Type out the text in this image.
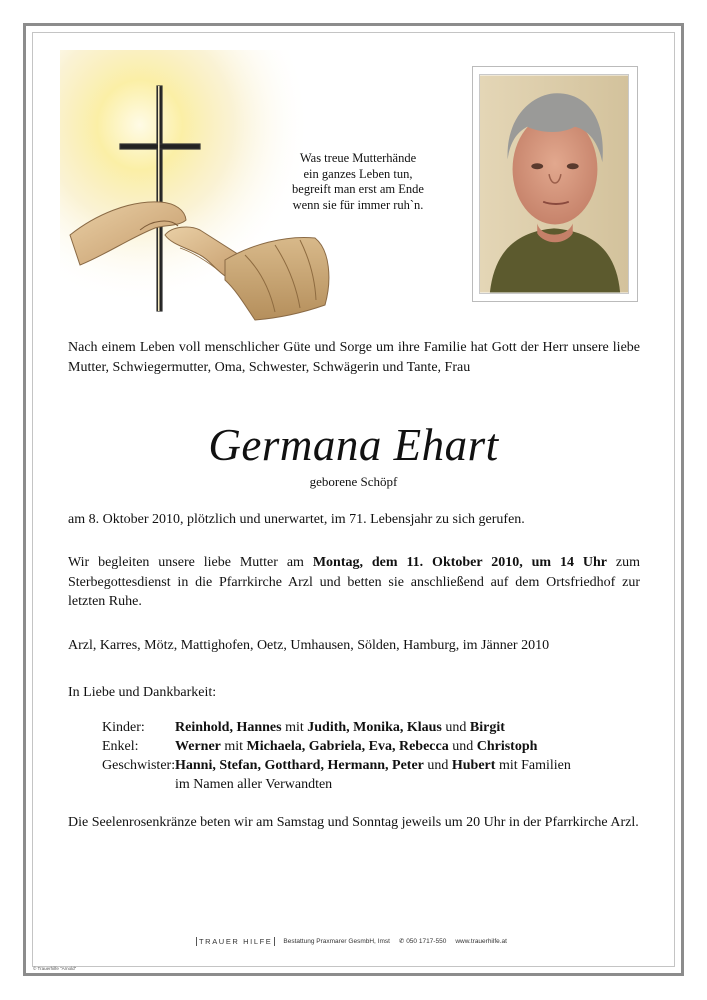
Was treue Mutterhände
ein ganzes Leben tun,
begreift man erst am Ende
wenn sie für immer ruh`n.
Nach einem Leben voll menschlicher Güte und Sorge um ihre Familie hat Gott der Herr unsere liebe Mutter, Schwiegermutter, Oma, Schwester, Schwägerin und Tante, Frau
Germana Ehart
geborene Schöpf
am 8. Oktober 2010, plötzlich und unerwartet, im 71. Lebensjahr zu sich gerufen.
Wir begleiten unsere liebe Mutter am Montag, dem 11. Oktober 2010, um 14 Uhr zum Sterbegottesdienst in die Pfarrkirche Arzl und betten sie anschließend auf dem Ortsfriedhof zur letzten Ruhe.
Arzl, Karres, Mötz, Mattighofen, Oetz, Umhausen, Sölden, Hamburg, im Jänner 2010
In Liebe und Dankbarkeit:
Kinder:	Reinhold, Hannes mit Judith, Monika, Klaus und Birgit
Enkel:	Werner mit Michaela, Gabriela, Eva, Rebecca und Christoph
Geschwister: Hanni, Stefan, Gotthard, Hermann, Peter und Hubert mit Familien
im Namen aller Verwandten
Die Seelenrosenkränze beten wir am Samstag und Sonntag jeweils um 20 Uhr in der Pfarrkirche Arzl.
TRAUER HILFE	Bestattung Praxmarer GesmbH, Imst ✆ 050 1717-550 www.trauerhilfe.at
© Trauerhilfe "Arnold"
